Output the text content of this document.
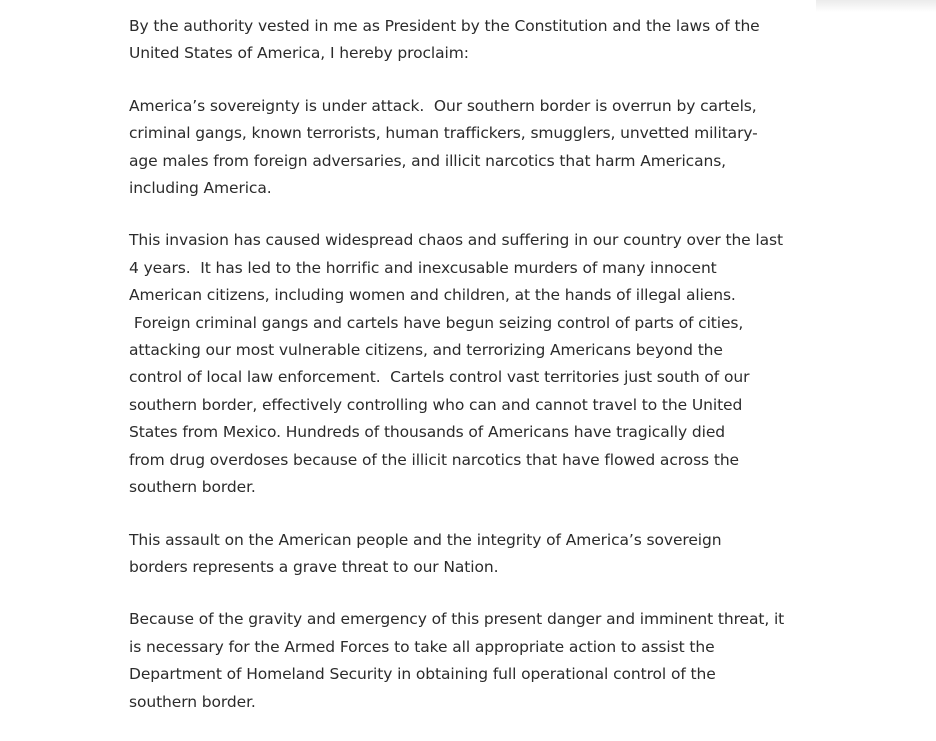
By the authority vested in me as President by the Constitution and the laws of the
United States of America, I hereby proclaim:

America’s sovereignty is under attack.  Our southern border is overrun by cartels,
criminal gangs, known terrorists, human traffickers, smugglers, unvetted military-
age males from foreign adversaries, and illicit narcotics that harm Americans,
including America.

This invasion has caused widespread chaos and suffering in our country over the last
4 years.  It has led to the horrific and inexcusable murders of many innocent
American citizens, including women and children, at the hands of illegal aliens.
Foreign criminal gangs and cartels have begun seizing control of parts of cities,
attacking our most vulnerable citizens, and terrorizing Americans beyond the
control of local law enforcement.  Cartels control vast territories just south of our
southern border, effectively controlling who can and cannot travel to the United
States from Mexico. Hundreds of thousands of Americans have tragically died
from drug overdoses because of the illicit narcotics that have flowed across the
southern border.

This assault on the American people and the integrity of America’s sovereign
borders represents a grave threat to our Nation.

Because of the gravity and emergency of this present danger and imminent threat, it
is necessary for the Armed Forces to take all appropriate action to assist the
Department of Homeland Security in obtaining full operational control of the
southern border.
